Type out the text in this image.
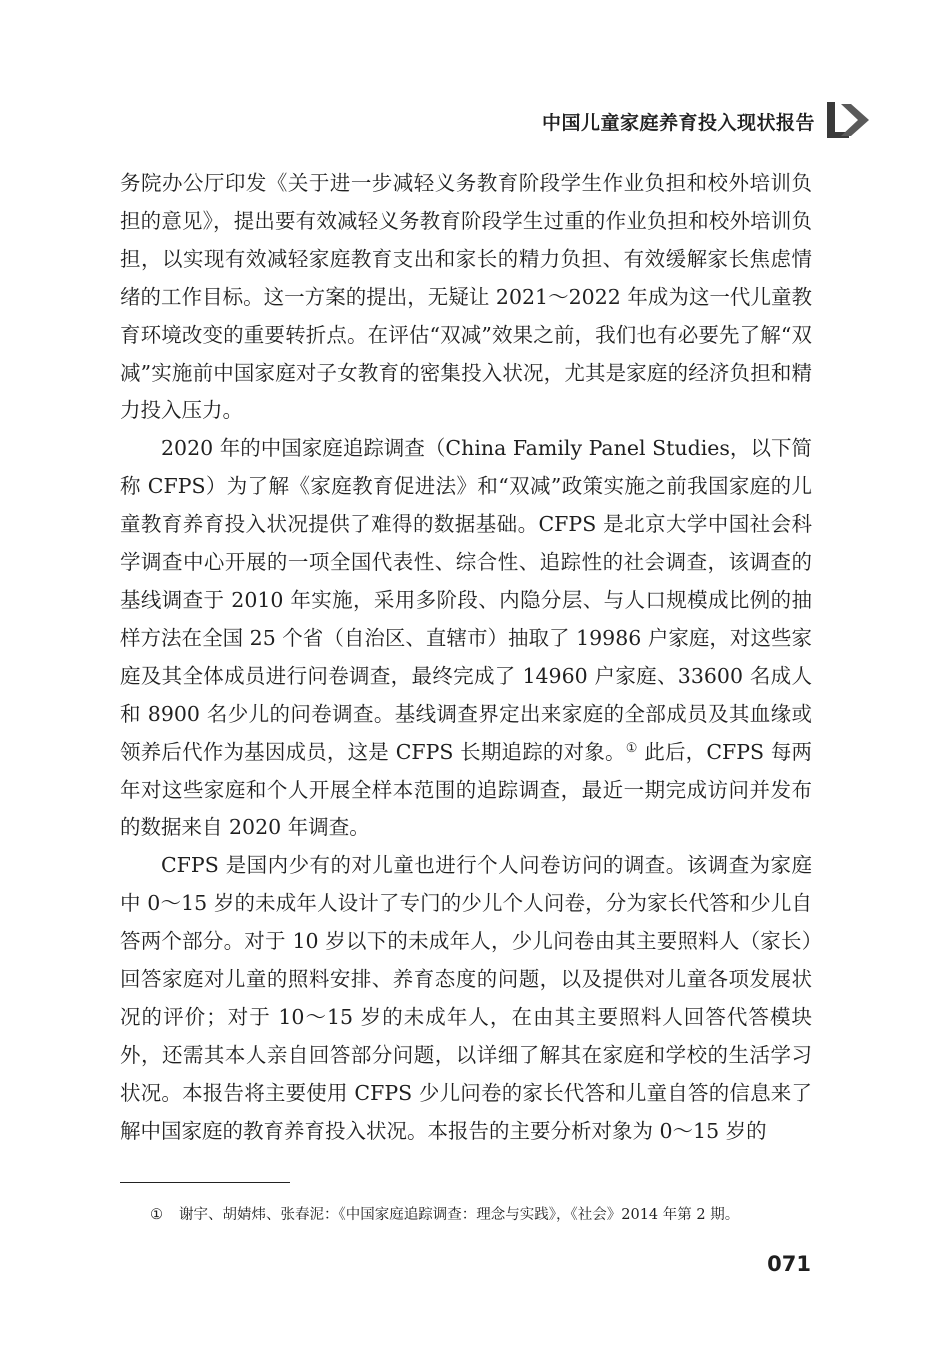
中国儿童家庭养育投入现状报告

务院办公厅印发《关于进一步减轻义务教育阶段学生作业负担和校外培训负担的意见》，提出要有效减轻义务教育阶段学生过重的作业负担和校外培训负担，以实现有效减轻家庭教育支出和家长的精力负担、有效缓解家长焦虑情绪的工作目标。这一方案的提出，无疑让 2021～2022 年成为这一代儿童教育环境改变的重要转折点。在评估“双减”效果之前，我们也有必要先了解“双减”实施前中国家庭对子女教育的密集投入状况，尤其是家庭的经济负担和精力投入压力。

2020 年的中国家庭追踪调查（China Family Panel Studies，以下简称 CFPS）为了解《家庭教育促进法》和“双减”政策实施之前我国家庭的儿童教育养育投入状况提供了难得的数据基础。CFPS 是北京大学中国社会科学调查中心开展的一项全国代表性、综合性、追踪性的社会调查，该调查的基线调查于 2010 年实施，采用多阶段、内隐分层、与人口规模成比例的抽样方法在全国 25 个省（自治区、直辖市）抽取了 19986 户家庭，对这些家庭及其全体成员进行问卷调查，最终完成了 14960 户家庭、33600 名成人和 8900 名少儿的问卷调查。基线调查界定出来家庭的全部成员及其血缘或领养后代作为基因成员，这是 CFPS 长期追踪的对象。① 此后，CFPS 每两年对这些家庭和个人开展全样本范围的追踪调查，最近一期完成访问并发布的数据来自 2020 年调查。

CFPS 是国内少有的对儿童也进行个人问卷访问的调查。该调查为家庭中 0～15 岁的未成年人设计了专门的少儿个人问卷，分为家长代答和少儿自答两个部分。对于 10 岁以下的未成年人，少儿问卷由其主要照料人（家长）回答家庭对儿童的照料安排、养育态度的问题，以及提供对儿童各项发展状况的评价；对于 10～15 岁的未成年人，在由其主要照料人回答代答模块外，还需其本人亲自回答部分问题，以详细了解其在家庭和学校的生活学习状况。本报告将主要使用 CFPS 少儿问卷的家长代答和儿童自答的信息来了解中国家庭的教育养育投入状况。本报告的主要分析对象为 0～15 岁的

① 谢宇、胡婧炜、张春泥：《中国家庭追踪调查：理念与实践》，《社会》2014 年第 2 期。
071
